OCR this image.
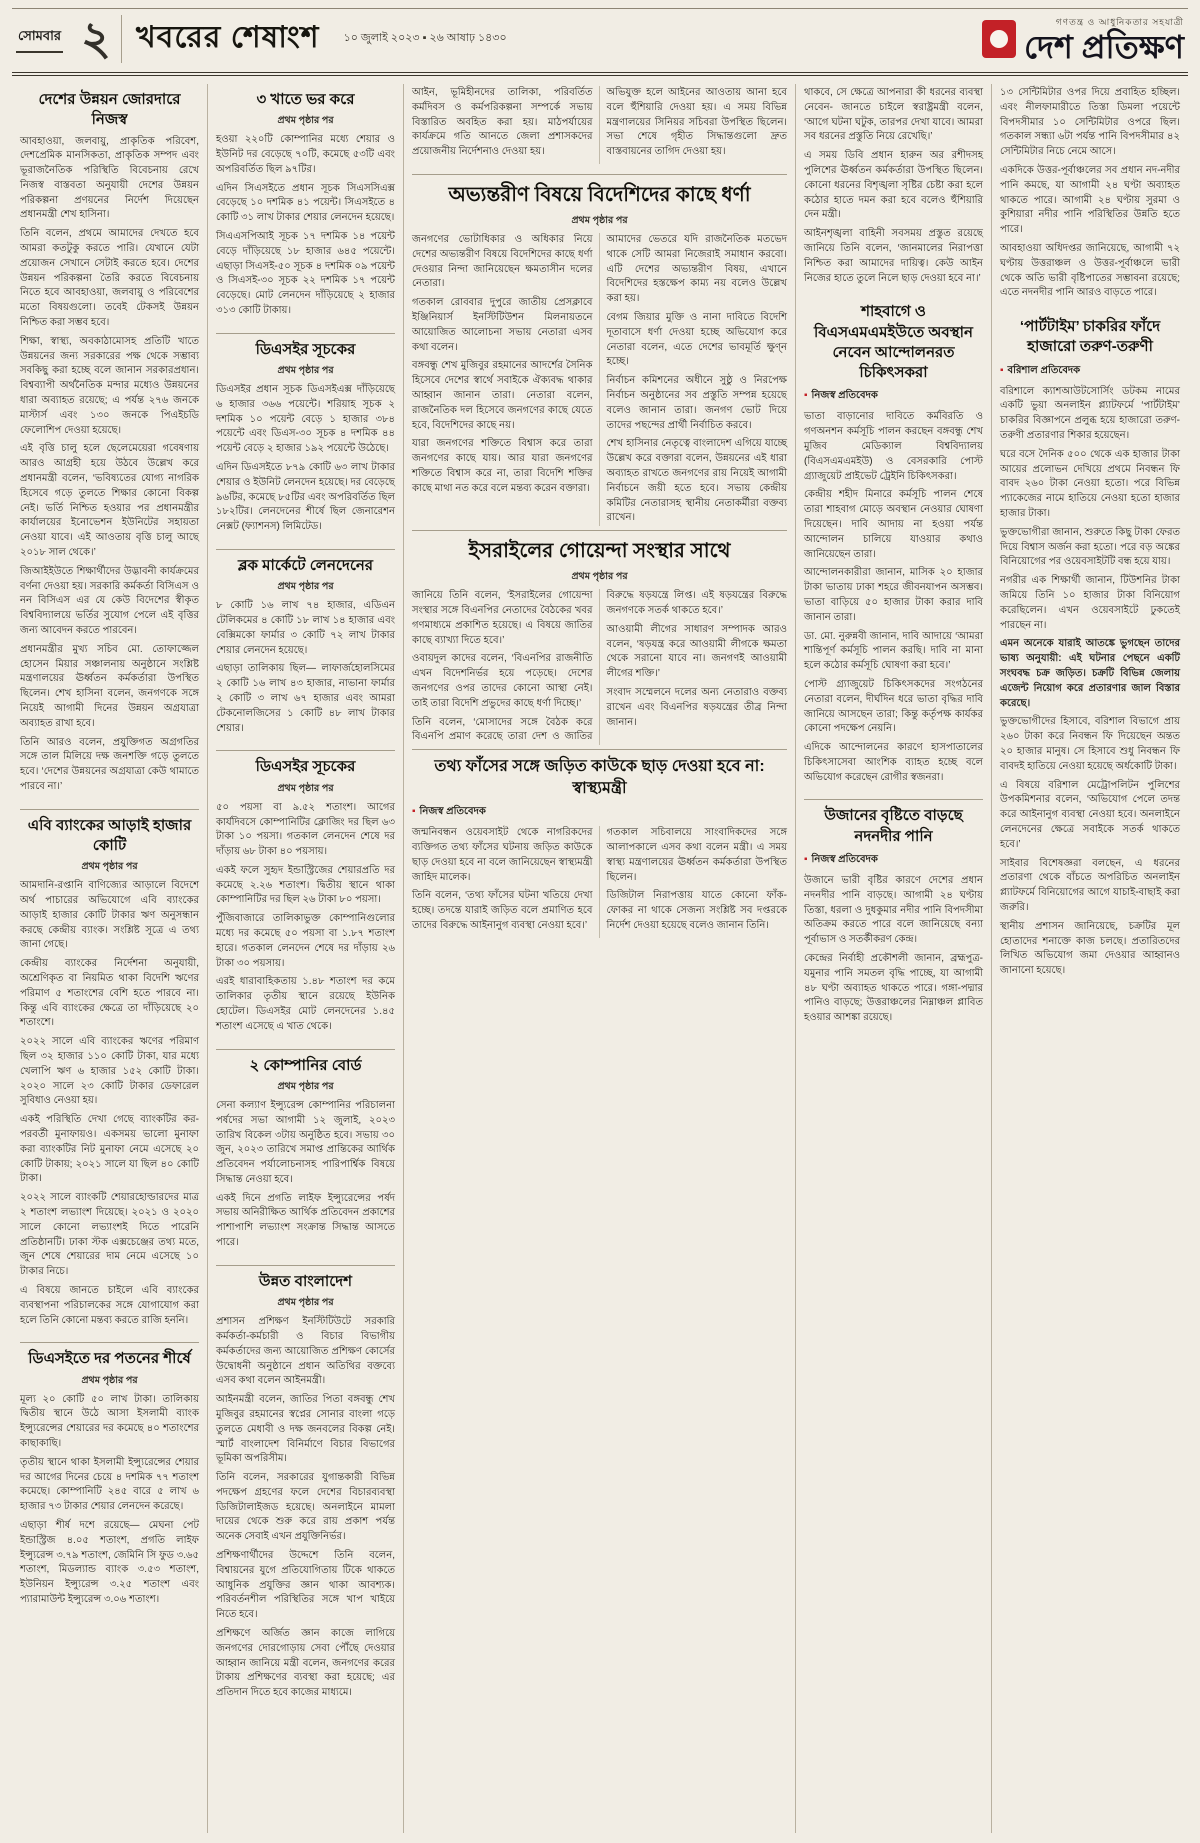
সোমবার ২ খবরের শেষাংশ ১০ জুলাই ২০২৩ ▪ ২৬ আষাঢ় ১৪৩০
গণতন্ত্র ও আধুনিকতার সহযাত্রী
দেশ প্রতিক্ষণ
দেশের উন্নয়ন জোরদারে নিজস্ব

আবহাওয়া, জলবায়ু, প্রাকৃতিক পরিবেশ, দেশপ্রেমিক মানসিকতা, প্রাকৃতিক সম্পদ এবং ভূরাজনৈতিক পরিস্থিতি বিবেচনায় রেখে নিজস্ব বাস্তবতা অনুযায়ী দেশের উন্নয়ন পরিকল্পনা প্রণয়নের নির্দেশ দিয়েছেন প্রধানমন্ত্রী শেখ হাসিনা।

তিনি বলেন, প্রথমে আমাদের দেখতে হবে আমরা কতটুকু করতে পারি। যেখানে যেটা প্রয়োজন সেখানে সেটাই করতে হবে। দেশের উন্নয়ন পরিকল্পনা তৈরি করতে বিবেচনায় নিতে হবে আবহাওয়া, জলবায়ু ও পরিবেশের মতো বিষয়গুলো। তবেই টেকসই উন্নয়ন নিশ্চিত করা সম্ভব হবে।

শিক্ষা, স্বাস্থ্য, অবকাঠামোসহ প্রতিটি খাতে উন্নয়নের জন্য সরকারের পক্ষ থেকে সম্ভাব্য সবকিছু করা হচ্ছে বলে জানান সরকারপ্রধান। বিশ্বব্যাপী অর্থনৈতিক মন্দার মধ্যেও উন্নয়নের ধারা অব্যাহত রয়েছে; এ পর্যন্ত ২৭৬ জনকে মাস্টার্স এবং ১৩০ জনকে পিএইচডি ফেলোশিপ দেওয়া হয়েছে।

এই বৃত্তি চালু হলে ছেলেমেয়েরা গবেষণায় আরও আগ্রহী হয়ে উঠবে উল্লেখ করে প্রধানমন্ত্রী বলেন, ‘ভবিষ্যতের যোগ্য নাগরিক হিসেবে গড়ে তুলতে শিক্ষার কোনো বিকল্প নেই। ভর্তি নিশ্চিত হওয়ার পর প্রধানমন্ত্রীর কার্যালয়ের ইনোভেশন ইউনিটের সহায়তা নেওয়া যাবে। এই আওতায় বৃত্তি চালু আছে ২০১৮ সাল থেকে।’

জিআইইউতে শিক্ষার্থীদের উদ্ভাবনী কার্যক্রমের বর্ণনা দেওয়া হয়। সরকারি কর্মকর্তা বিসিএস ও নন বিসিএস এর যে কেউ বিদেশের স্বীকৃত বিশ্ববিদ্যালয়ে ভর্তির সুযোগ পেলে এই বৃত্তির জন্য আবেদন করতে পারবেন।

প্রধানমন্ত্রীর মুখ্য সচিব মো. তোফাজ্জেল হোসেন মিয়ার সঞ্চালনায় অনুষ্ঠানে সংশ্লিষ্ট মন্ত্রণালয়ের ঊর্ধ্বতন কর্মকর্তারা উপস্থিত ছিলেন। শেখ হাসিনা বলেন, জনগণকে সঙ্গে নিয়েই আগামী দিনের উন্নয়ন অগ্রযাত্রা অব্যাহত রাখা হবে।

তিনি আরও বলেন, প্রযুক্তিগত অগ্রগতির সঙ্গে তাল মিলিয়ে দক্ষ জনশক্তি গড়ে তুলতে হবে। ‘দেশের উন্নয়নের অগ্রযাত্রা কেউ থামাতে পারবে না।’

এবি ব্যাংকের আড়াই হাজার কোটি
প্রথম পৃষ্ঠার পর

আমদানি-রপ্তানি বাণিজ্যের আড়ালে বিদেশে অর্থ পাচারের অভিযোগে এবি ব্যাংকের আড়াই হাজার কোটি টাকার ঋণ অনুসন্ধান করছে কেন্দ্রীয় ব্যাংক। সংশ্লিষ্ট সূত্রে এ তথ্য জানা গেছে।

কেন্দ্রীয় ব্যাংকের নির্দেশনা অনুযায়ী, অশ্রেণিকৃত বা নিয়মিত থাকা বিদেশি ঋণের পরিমাণ ৫ শতাংশের বেশি হতে পারবে না। কিন্তু এবি ব্যাংকের ক্ষেত্রে তা দাঁড়িয়েছে ২০ শতাংশে।

২০২২ সালে এবি ব্যাংকের ঋণের পরিমাণ ছিল ৩২ হাজার ১১০ কোটি টাকা, যার মধ্যে খেলাপি ঋণ ৬ হাজার ১৫২ কোটি টাকা। ২০২০ সালে ২৩ কোটি টাকার ডেফারেল সুবিধাও নেওয়া হয়।

একই পরিস্থিতি দেখা গেছে ব্যাংকটির কর-পরবর্তী মুনাফায়ও। একসময় ভালো মুনাফা করা ব্যাংকটির নিট মুনাফা নেমে এসেছে ২০ কোটি টাকায়; ২০২১ সালে যা ছিল ৪০ কোটি টাকা।

২০২২ সালে ব্যাংকটি শেয়ারহোল্ডারদের মাত্র ২ শতাংশ লভ্যাংশ দিয়েছে। ২০২১ ও ২০২০ সালে কোনো লভ্যাংশই দিতে পারেনি প্রতিষ্ঠানটি। ঢাকা স্টক এক্সচেঞ্জের তথ্য মতে, জুন শেষে শেয়ারের দাম নেমে এসেছে ১০ টাকার নিচে।

এ বিষয়ে জানতে চাইলে এবি ব্যাংকের ব্যবস্থাপনা পরিচালকের সঙ্গে যোগাযোগ করা হলে তিনি কোনো মন্তব্য করতে রাজি হননি।

ডিএসইতে দর পতনের শীর্ষে
প্রথম পৃষ্ঠার পর

মূল্য ২০ কোটি ৫০ লাখ টাকা। তালিকায় দ্বিতীয় স্থানে উঠে আসা ইসলামী ব্যাংক ইন্স্যুরেন্সের শেয়ারের দর কমেছে ৪০ শতাংশের কাছাকাছি।

তৃতীয় স্থানে থাকা ইসলামী ইন্স্যুরেন্সের শেয়ার দর আগের দিনের চেয়ে ৪ দশমিক ৭৭ শতাংশ কমেছে। কোম্পানিটি ২৪৫ বারে ৫ লাখ ৬ হাজার ৭৩ টাকার শেয়ার লেনদেন করেছে।

এছাড়া শীর্ষ দশে রয়েছে— মেঘনা পেট ইন্ডাস্ট্রিজ ৪.০৫ শতাংশ, প্রগতি লাইফ ইন্স্যুরেন্স ৩.৭৯ শতাংশ, জেমিনি সি ফুড ৩.৬৫ শতাংশ, মিডল্যান্ড ব্যাংক ৩.৫৩ শতাংশ, ইউনিয়ন ইন্স্যুরেন্স ৩.২৫ শতাংশ এবং প্যারামাউন্ট ইন্স্যুরেন্স ৩.০৬ শতাংশ।

৩ খাতে ভর করে
প্রথম পৃষ্ঠার পর

হওয়া ২২০টি কোম্পানির মধ্যে শেয়ার ও ইউনিট দর বেড়েছে ৭০টি, কমেছে ৫৩টি এবং অপরিবর্তিত ছিল ৯৭টির।

এদিন সিএসইতে প্রধান সূচক সিএসসিএক্স বেড়েছে ১০ দশমিক ৪১ পয়েন্ট। সিএসইতে ৪ কোটি ৩১ লাখ টাকার শেয়ার লেনদেন হয়েছে।

সিএএসপিআই সূচক ১৭ দশমিক ১৪ পয়েন্ট বেড়ে দাঁড়িয়েছে ১৮ হাজার ৬৪৫ পয়েন্টে। এছাড়া সিএসই-৫০ সূচক ৪ দশমিক ০৯ পয়েন্ট ও সিএসই-৩০ সূচক ২২ দশমিক ১৭ পয়েন্ট বেড়েছে। মোট লেনদেন দাঁড়িয়েছে ২ হাজার ৩১৩ কোটি টাকায়।

ডিএসইর সূচকের
প্রথম পৃষ্ঠার পর

ডিএসইর প্রধান সূচক ডিএসইএক্স দাঁড়িয়েছে ৬ হাজার ৩৬৬ পয়েন্টে। শরিয়াহ সূচক ২ দশমিক ১০ পয়েন্ট বেড়ে ১ হাজার ৩৮৪ পয়েন্টে এবং ডিএস-৩০ সূচক ৪ দশমিক ৪৪ পয়েন্ট বেড়ে ২ হাজার ১৯২ পয়েন্টে উঠেছে।

এদিন ডিএসইতে ৮৭৯ কোটি ৬৩ লাখ টাকার শেয়ার ও ইউনিট লেনদেন হয়েছে। দর বেড়েছে ৯৬টির, কমেছে ৮৫টির এবং অপরিবর্তিত ছিল ১৮২টির। লেনদেনের শীর্ষে ছিল জেনারেশন নেক্সট (ফ্যাশনস) লিমিটেড।

ব্লক মার্কেটে লেনদেনের
প্রথম পৃষ্ঠার পর

৮ কোটি ১৬ লাখ ৭৪ হাজার, এডিএন টেলিকমের ৪ কোটি ১৮ লাখ ১৪ হাজার এবং বেক্সিমকো ফার্মার ৩ কোটি ৭২ লাখ টাকার শেয়ার লেনদেন হয়েছে।

এছাড়া তালিকায় ছিল— লাফার্জহোলসিমের ২ কোটি ১৬ লাখ ৪৩ হাজার, নাভানা ফার্মার ২ কোটি ৩ লাখ ৬৭ হাজার এবং আমরা টেকনোলজিসের ১ কোটি ৪৮ লাখ টাকার শেয়ার।

ডিএসইর সূচকের
প্রথম পৃষ্ঠার পর

৫০ পয়সা বা ৯.৫২ শতাংশ। আগের কার্যদিবসে কোম্পানিটির ক্লোজিং দর ছিল ৬৩ টাকা ১০ পয়সা। গতকাল লেনদেন শেষে দর দাঁড়ায় ৬৮ টাকা ৪০ পয়সায়।

একই ফলে সুহৃদ ইন্ডাস্ট্রিজের শেয়ারপ্রতি দর কমেছে ২.২৬ শতাংশ। দ্বিতীয় স্থানে থাকা কোম্পানিটির দর ছিল ২৬ টাকা ৮০ পয়সা।

পুঁজিবাজারে তালিকাভুক্ত কোম্পানিগুলোর মধ্যে দর কমেছে ৫০ পয়সা বা ১.৮৭ শতাংশ হারে। গতকাল লেনদেন শেষে দর দাঁড়ায় ২৬ টাকা ৩০ পয়সায়।

এরই ধারাবাহিকতায় ১.৪৮ শতাংশ দর কমে তালিকার তৃতীয় স্থানে রয়েছে ইউনিক হোটেল। ডিএসইর মোট লেনদেনের ১.৪৫ শতাংশ এসেছে এ খাত থেকে।

২ কোম্পানির বোর্ড
প্রথম পৃষ্ঠার পর

সেনা কল্যাণ ইন্স্যুরেন্স কোম্পানির পরিচালনা পর্ষদের সভা আগামী ১২ জুলাই, ২০২৩ তারিখ বিকেল ৩টায় অনুষ্ঠিত হবে। সভায় ৩০ জুন, ২০২৩ তারিখে সমাপ্ত প্রান্তিকের আর্থিক প্রতিবেদন পর্যালোচনাসহ পারিপার্শ্বিক বিষয়ে সিদ্ধান্ত নেওয়া হবে।

একই দিনে প্রগতি লাইফ ইন্স্যুরেন্সের পর্ষদ সভায় অনিরীক্ষিত আর্থিক প্রতিবেদন প্রকাশের পাশাপাশি লভ্যাংশ সংক্রান্ত সিদ্ধান্ত আসতে পারে।

উন্নত বাংলাদেশ
প্রথম পৃষ্ঠার পর

প্রশাসন প্রশিক্ষণ ইনস্টিটিউটে সরকারি কর্মকর্তা-কর্মচারী ও বিচার বিভাগীয় কর্মকর্তাদের জন্য আয়োজিত প্রশিক্ষণ কোর্সের উদ্বোধনী অনুষ্ঠানে প্রধান অতিথির বক্তব্যে এসব কথা বলেন আইনমন্ত্রী।

আইনমন্ত্রী বলেন, জাতির পিতা বঙ্গবন্ধু শেখ মুজিবুর রহমানের স্বপ্নের সোনার বাংলা গড়ে তুলতে মেধাবী ও দক্ষ জনবলের বিকল্প নেই। স্মার্ট বাংলাদেশ বিনির্মাণে বিচার বিভাগের ভূমিকা অপরিসীম।

তিনি বলেন, সরকারের যুগান্তকারী বিভিন্ন পদক্ষেপ গ্রহণের ফলে দেশের বিচারব্যবস্থা ডিজিটালাইজড হয়েছে। অনলাইনে মামলা দায়ের থেকে শুরু করে রায় প্রকাশ পর্যন্ত অনেক সেবাই এখন প্রযুক্তিনির্ভর।

প্রশিক্ষণার্থীদের উদ্দেশে তিনি বলেন, বিশ্বায়নের যুগে প্রতিযোগিতায় টিকে থাকতে আধুনিক প্রযুক্তির জ্ঞান থাকা আবশ্যক। পরিবর্তনশীল পরিস্থিতির সঙ্গে খাপ খাইয়ে নিতে হবে।

প্রশিক্ষণে অর্জিত জ্ঞান কাজে লাগিয়ে জনগণের দোরগোড়ায় সেবা পৌঁছে দেওয়ার আহ্বান জানিয়ে মন্ত্রী বলেন, জনগণের করের টাকায় প্রশিক্ষণের ব্যবস্থা করা হয়েছে; এর প্রতিদান দিতে হবে কাজের মাধ্যমে।

আইন, ভূমিহীনদের তালিকা, পরিবর্তিত কর্মদিবস ও কর্মপরিকল্পনা সম্পর্কে সভায় বিস্তারিত অবহিত করা হয়। মাঠপর্যায়ের কার্যক্রমে গতি আনতে জেলা প্রশাসকদের প্রয়োজনীয় নির্দেশনাও দেওয়া হয়।

অভিযুক্ত হলে আইনের আওতায় আনা হবে বলে হুঁশিয়ারি দেওয়া হয়। এ সময় বিভিন্ন মন্ত্রণালয়ের সিনিয়র সচিবরা উপস্থিত ছিলেন। সভা শেষে গৃহীত সিদ্ধান্তগুলো দ্রুত বাস্তবায়নের তাগিদ দেওয়া হয়।

অভ্যন্তরীণ বিষয়ে বিদেশিদের কাছে ধর্ণা
প্রথম পৃষ্ঠার পর

জনগণের ভোটাধিকার ও অধিকার নিয়ে দেশের অভ্যন্তরীণ বিষয়ে বিদেশিদের কাছে ধর্ণা দেওয়ার নিন্দা জানিয়েছেন ক্ষমতাসীন দলের নেতারা।

গতকাল রোববার দুপুরে জাতীয় প্রেসক্লাবে ইঞ্জিনিয়ার্স ইনস্টিটিউশন মিলনায়তনে আয়োজিত আলোচনা সভায় নেতারা এসব কথা বলেন।

বঙ্গবন্ধু শেখ মুজিবুর রহমানের আদর্শের সৈনিক হিসেবে দেশের স্বার্থে সবাইকে ঐক্যবদ্ধ থাকার আহ্বান জানান তারা। নেতারা বলেন, রাজনৈতিক দল হিসেবে জনগণের কাছে যেতে হবে, বিদেশিদের কাছে নয়।

যারা জনগণের শক্তিতে বিশ্বাস করে তারা জনগণের কাছে যায়। আর যারা জনগণের শক্তিতে বিশ্বাস করে না, তারা বিদেশি শক্তির কাছে মাথা নত করে বলে মন্তব্য করেন বক্তারা।

আমাদের ভেতরে যদি রাজনৈতিক মতভেদ থাকে সেটি আমরা নিজেরাই সমাধান করবো। এটি দেশের অভ্যন্তরীণ বিষয়, এখানে বিদেশিদের হস্তক্ষেপ কাম্য নয় বলেও উল্লেখ করা হয়।

বেগম জিয়ার মুক্তি ও নানা দাবিতে বিদেশি দূতাবাসে ধর্ণা দেওয়া হচ্ছে অভিযোগ করে নেতারা বলেন, এতে দেশের ভাবমূর্তি ক্ষুণ্ন হচ্ছে।

নির্বাচন কমিশনের অধীনে সুষ্ঠু ও নিরপেক্ষ নির্বাচন অনুষ্ঠানের সব প্রস্তুতি সম্পন্ন হয়েছে বলেও জানান তারা। জনগণ ভোট দিয়ে তাদের পছন্দের প্রার্থী নির্বাচিত করবে।

শেখ হাসিনার নেতৃত্বে বাংলাদেশ এগিয়ে যাচ্ছে উল্লেখ করে বক্তারা বলেন, উন্নয়নের এই ধারা অব্যাহত রাখতে জনগণের রায় নিয়েই আগামী নির্বাচনে জয়ী হতে হবে। সভায় কেন্দ্রীয় কমিটির নেতারাসহ স্থানীয় নেতাকর্মীরা বক্তব্য রাখেন।

ইসরাইলের গোয়েন্দা সংস্থার সাথে
প্রথম পৃষ্ঠার পর

জানিয়ে তিনি বলেন, ‘ইসরাইলের গোয়েন্দা সংস্থার সঙ্গে বিএনপির নেতাদের বৈঠকের খবর গণমাধ্যমে প্রকাশিত হয়েছে। এ বিষয়ে জাতির কাছে ব্যাখ্যা দিতে হবে।’

ওবায়দুল কাদের বলেন, ‘বিএনপির রাজনীতি এখন বিদেশনির্ভর হয়ে পড়েছে। দেশের জনগণের ওপর তাদের কোনো আস্থা নেই। তাই তারা বিদেশি প্রভুদের কাছে ধর্ণা দিচ্ছে।’

তিনি বলেন, ‘মোসাদের সঙ্গে বৈঠক করে বিএনপি প্রমাণ করেছে তারা দেশ ও জাতির বিরুদ্ধে ষড়যন্ত্রে লিপ্ত। এই ষড়যন্ত্রের বিরুদ্ধে জনগণকে সতর্ক থাকতে হবে।’

আওয়ামী লীগের সাধারণ সম্পাদক আরও বলেন, ‘ষড়যন্ত্র করে আওয়ামী লীগকে ক্ষমতা থেকে সরানো যাবে না। জনগণই আওয়ামী লীগের শক্তি।’

সংবাদ সম্মেলনে দলের অন্য নেতারাও বক্তব্য রাখেন এবং বিএনপির ষড়যন্ত্রের তীব্র নিন্দা জানান।

তথ্য ফাঁসের সঙ্গে জড়িত কাউকে ছাড় দেওয়া হবে না: স্বাস্থ্যমন্ত্রী
▪ নিজস্ব প্রতিবেদক

জন্মনিবন্ধন ওয়েবসাইট থেকে নাগরিকদের ব্যক্তিগত তথ্য ফাঁসের ঘটনায় জড়িত কাউকে ছাড় দেওয়া হবে না বলে জানিয়েছেন স্বাস্থ্যমন্ত্রী জাহিদ মালেক।

তিনি বলেন, ‘তথ্য ফাঁসের ঘটনা খতিয়ে দেখা হচ্ছে। তদন্তে যারাই জড়িত বলে প্রমাণিত হবে তাদের বিরুদ্ধে আইনানুগ ব্যবস্থা নেওয়া হবে।’

গতকাল সচিবালয়ে সাংবাদিকদের সঙ্গে আলাপকালে এসব কথা বলেন মন্ত্রী। এ সময় স্বাস্থ্য মন্ত্রণালয়ের ঊর্ধ্বতন কর্মকর্তারা উপস্থিত ছিলেন।

ডিজিটাল নিরাপত্তায় যাতে কোনো ফাঁক-ফোকর না থাকে সেজন্য সংশ্লিষ্ট সব দপ্তরকে নির্দেশ দেওয়া হয়েছে বলেও জানান তিনি।

থাকবে, সে ক্ষেত্রে আপনারা কী ধরনের ব্যবস্থা নেবেন- জানতে চাইলে স্বরাষ্ট্রমন্ত্রী বলেন, ‘আগে ঘটনা ঘটুক, তারপর দেখা যাবে। আমরা সব ধরনের প্রস্তুতি নিয়ে রেখেছি।’

এ সময় ডিবি প্রধান হারুন অর রশীদসহ পুলিশের ঊর্ধ্বতন কর্মকর্তারা উপস্থিত ছিলেন। কোনো ধরনের বিশৃঙ্খলা সৃষ্টির চেষ্টা করা হলে কঠোর হাতে দমন করা হবে বলেও হুঁশিয়ারি দেন মন্ত্রী।

আইনশৃঙ্খলা বাহিনী সবসময় প্রস্তুত রয়েছে জানিয়ে তিনি বলেন, ‘জানমালের নিরাপত্তা নিশ্চিত করা আমাদের দায়িত্ব। কেউ আইন নিজের হাতে তুলে নিলে ছাড় দেওয়া হবে না।’

শাহবাগে ও বিএসএমএমইউতে অবস্থান নেবেন আন্দোলনরত চিকিৎসকরা
▪ নিজস্ব প্রতিবেদক

ভাতা বাড়ানোর দাবিতে কর্মবিরতি ও গণঅনশন কর্মসূচি পালন করছেন বঙ্গবন্ধু শেখ মুজিব মেডিক্যাল বিশ্ববিদ্যালয় (বিএসএমএমইউ) ও বেসরকারি পোস্ট গ্র্যাজুয়েট প্রাইভেট ট্রেইনি চিকিৎসকরা।

কেন্দ্রীয় শহীদ মিনারে কর্মসূচি পালন শেষে তারা শাহবাগ মোড়ে অবস্থান নেওয়ার ঘোষণা দিয়েছেন। দাবি আদায় না হওয়া পর্যন্ত আন্দোলন চালিয়ে যাওয়ার কথাও জানিয়েছেন তারা।

আন্দোলনকারীরা জানান, মাসিক ২০ হাজার টাকা ভাতায় ঢাকা শহরে জীবনযাপন অসম্ভব। ভাতা বাড়িয়ে ৫০ হাজার টাকা করার দাবি জানান তারা।

ডা. মো. নুরুন্নবী জানান, দাবি আদায়ে ‘আমরা শান্তিপূর্ণ কর্মসূচি পালন করছি। দাবি না মানা হলে কঠোর কর্মসূচি ঘোষণা করা হবে।’

পোস্ট গ্র্যাজুয়েট চিকিৎসকদের সংগঠনের নেতারা বলেন, দীর্ঘদিন ধরে ভাতা বৃদ্ধির দাবি জানিয়ে আসছেন তারা; কিন্তু কর্তৃপক্ষ কার্যকর কোনো পদক্ষেপ নেয়নি।

এদিকে আন্দোলনের কারণে হাসপাতালের চিকিৎসাসেবা আংশিক ব্যাহত হচ্ছে বলে অভিযোগ করেছেন রোগীর স্বজনরা।

উজানের বৃষ্টিতে বাড়ছে নদনদীর পানি
▪ নিজস্ব প্রতিবেদক

উজানে ভারী বৃষ্টির কারণে দেশের প্রধান নদনদীর পানি বাড়ছে। আগামী ২৪ ঘণ্টায় তিস্তা, ধরলা ও দুধকুমার নদীর পানি বিপদসীমা অতিক্রম করতে পারে বলে জানিয়েছে বন্যা পূর্বাভাস ও সতর্কীকরণ কেন্দ্র।

কেন্দ্রের নির্বাহী প্রকৌশলী জানান, ব্রহ্মপুত্র-যমুনার পানি সমতল বৃদ্ধি পাচ্ছে, যা আগামী ৪৮ ঘণ্টা অব্যাহত থাকতে পারে। গঙ্গা-পদ্মার পানিও বাড়ছে; উত্তরাঞ্চলের নিম্নাঞ্চল প্লাবিত হওয়ার আশঙ্কা রয়েছে।

১৩ সেন্টিমিটার ওপর দিয়ে প্রবাহিত হচ্ছিল। এবং নীলফামারীতে তিস্তা ডিমলা পয়েন্টে বিপদসীমার ১০ সেন্টিমিটার ওপরে ছিল। গতকাল সন্ধ্যা ৬টা পর্যন্ত পানি বিপদসীমার ৪২ সেন্টিমিটার নিচে নেমে আসে।

একদিকে উত্তর-পূর্বাঞ্চলের সব প্রধান নদ-নদীর পানি কমছে, যা আগামী ২৪ ঘণ্টা অব্যাহত থাকতে পারে। আগামী ২৪ ঘণ্টায় সুরমা ও কুশিয়ারা নদীর পানি পরিস্থিতির উন্নতি হতে পারে।

আবহাওয়া অধিদপ্তর জানিয়েছে, আগামী ৭২ ঘণ্টায় উত্তরাঞ্চল ও উত্তর-পূর্বাঞ্চলে ভারী থেকে অতি ভারী বৃষ্টিপাতের সম্ভাবনা রয়েছে; এতে নদনদীর পানি আরও বাড়তে পারে।

‘পার্টটাইম’ চাকরির ফাঁদে হাজারো তরুণ-তরুণী
▪ বরিশাল প্রতিবেদক

বরিশালে ক্যাশআউটসোর্সিং ডটকম নামের একটি ভুয়া অনলাইন প্ল্যাটফর্মে ‘পার্টটাইম’ চাকরির বিজ্ঞাপনে প্রলুব্ধ হয়ে হাজারো তরুণ-তরুণী প্রতারণার শিকার হয়েছেন।

ঘরে বসে দৈনিক ৫০০ থেকে এক হাজার টাকা আয়ের প্রলোভন দেখিয়ে প্রথমে নিবন্ধন ফি বাবদ ২৬০ টাকা নেওয়া হতো। পরে বিভিন্ন প্যাকেজের নামে হাতিয়ে নেওয়া হতো হাজার হাজার টাকা।

ভুক্তভোগীরা জানান, শুরুতে কিছু টাকা ফেরত দিয়ে বিশ্বাস অর্জন করা হতো। পরে বড় অঙ্কের বিনিয়োগের পর ওয়েবসাইটটি বন্ধ হয়ে যায়।

নগরীর এক শিক্ষার্থী জানান, টিউশনির টাকা জমিয়ে তিনি ১০ হাজার টাকা বিনিয়োগ করেছিলেন। এখন ওয়েবসাইটে ঢুকতেই পারছেন না।

এমন অনেকে যারাই আতঙ্কে ভুগছেন তাদের ভাষ্য অনুযায়ী: এই ঘটনার পেছনে একটি সংঘবদ্ধ চক্র জড়িত। চক্রটি বিভিন্ন জেলায় এজেন্ট নিয়োগ করে প্রতারণার জাল বিস্তার করেছে।

ভুক্তভোগীদের হিসাবে, বরিশাল বিভাগে প্রায় ২৬০ টাকা করে নিবন্ধন ফি দিয়েছেন অন্তত ২০ হাজার মানুষ। সে হিসাবে শুধু নিবন্ধন ফি বাবদই হাতিয়ে নেওয়া হয়েছে অর্ধকোটি টাকা।

এ বিষয়ে বরিশাল মেট্রোপলিটন পুলিশের উপকমিশনার বলেন, ‘অভিযোগ পেলে তদন্ত করে আইনানুগ ব্যবস্থা নেওয়া হবে। অনলাইনে লেনদেনের ক্ষেত্রে সবাইকে সতর্ক থাকতে হবে।’

সাইবার বিশেষজ্ঞরা বলছেন, এ ধরনের প্রতারণা থেকে বাঁচতে অপরিচিত অনলাইন প্ল্যাটফর্মে বিনিয়োগের আগে যাচাই-বাছাই করা জরুরি।

স্থানীয় প্রশাসন জানিয়েছে, চক্রটির মূল হোতাদের শনাক্তে কাজ চলছে। প্রতারিতদের লিখিত অভিযোগ জমা দেওয়ার আহ্বানও জানানো হয়েছে।
